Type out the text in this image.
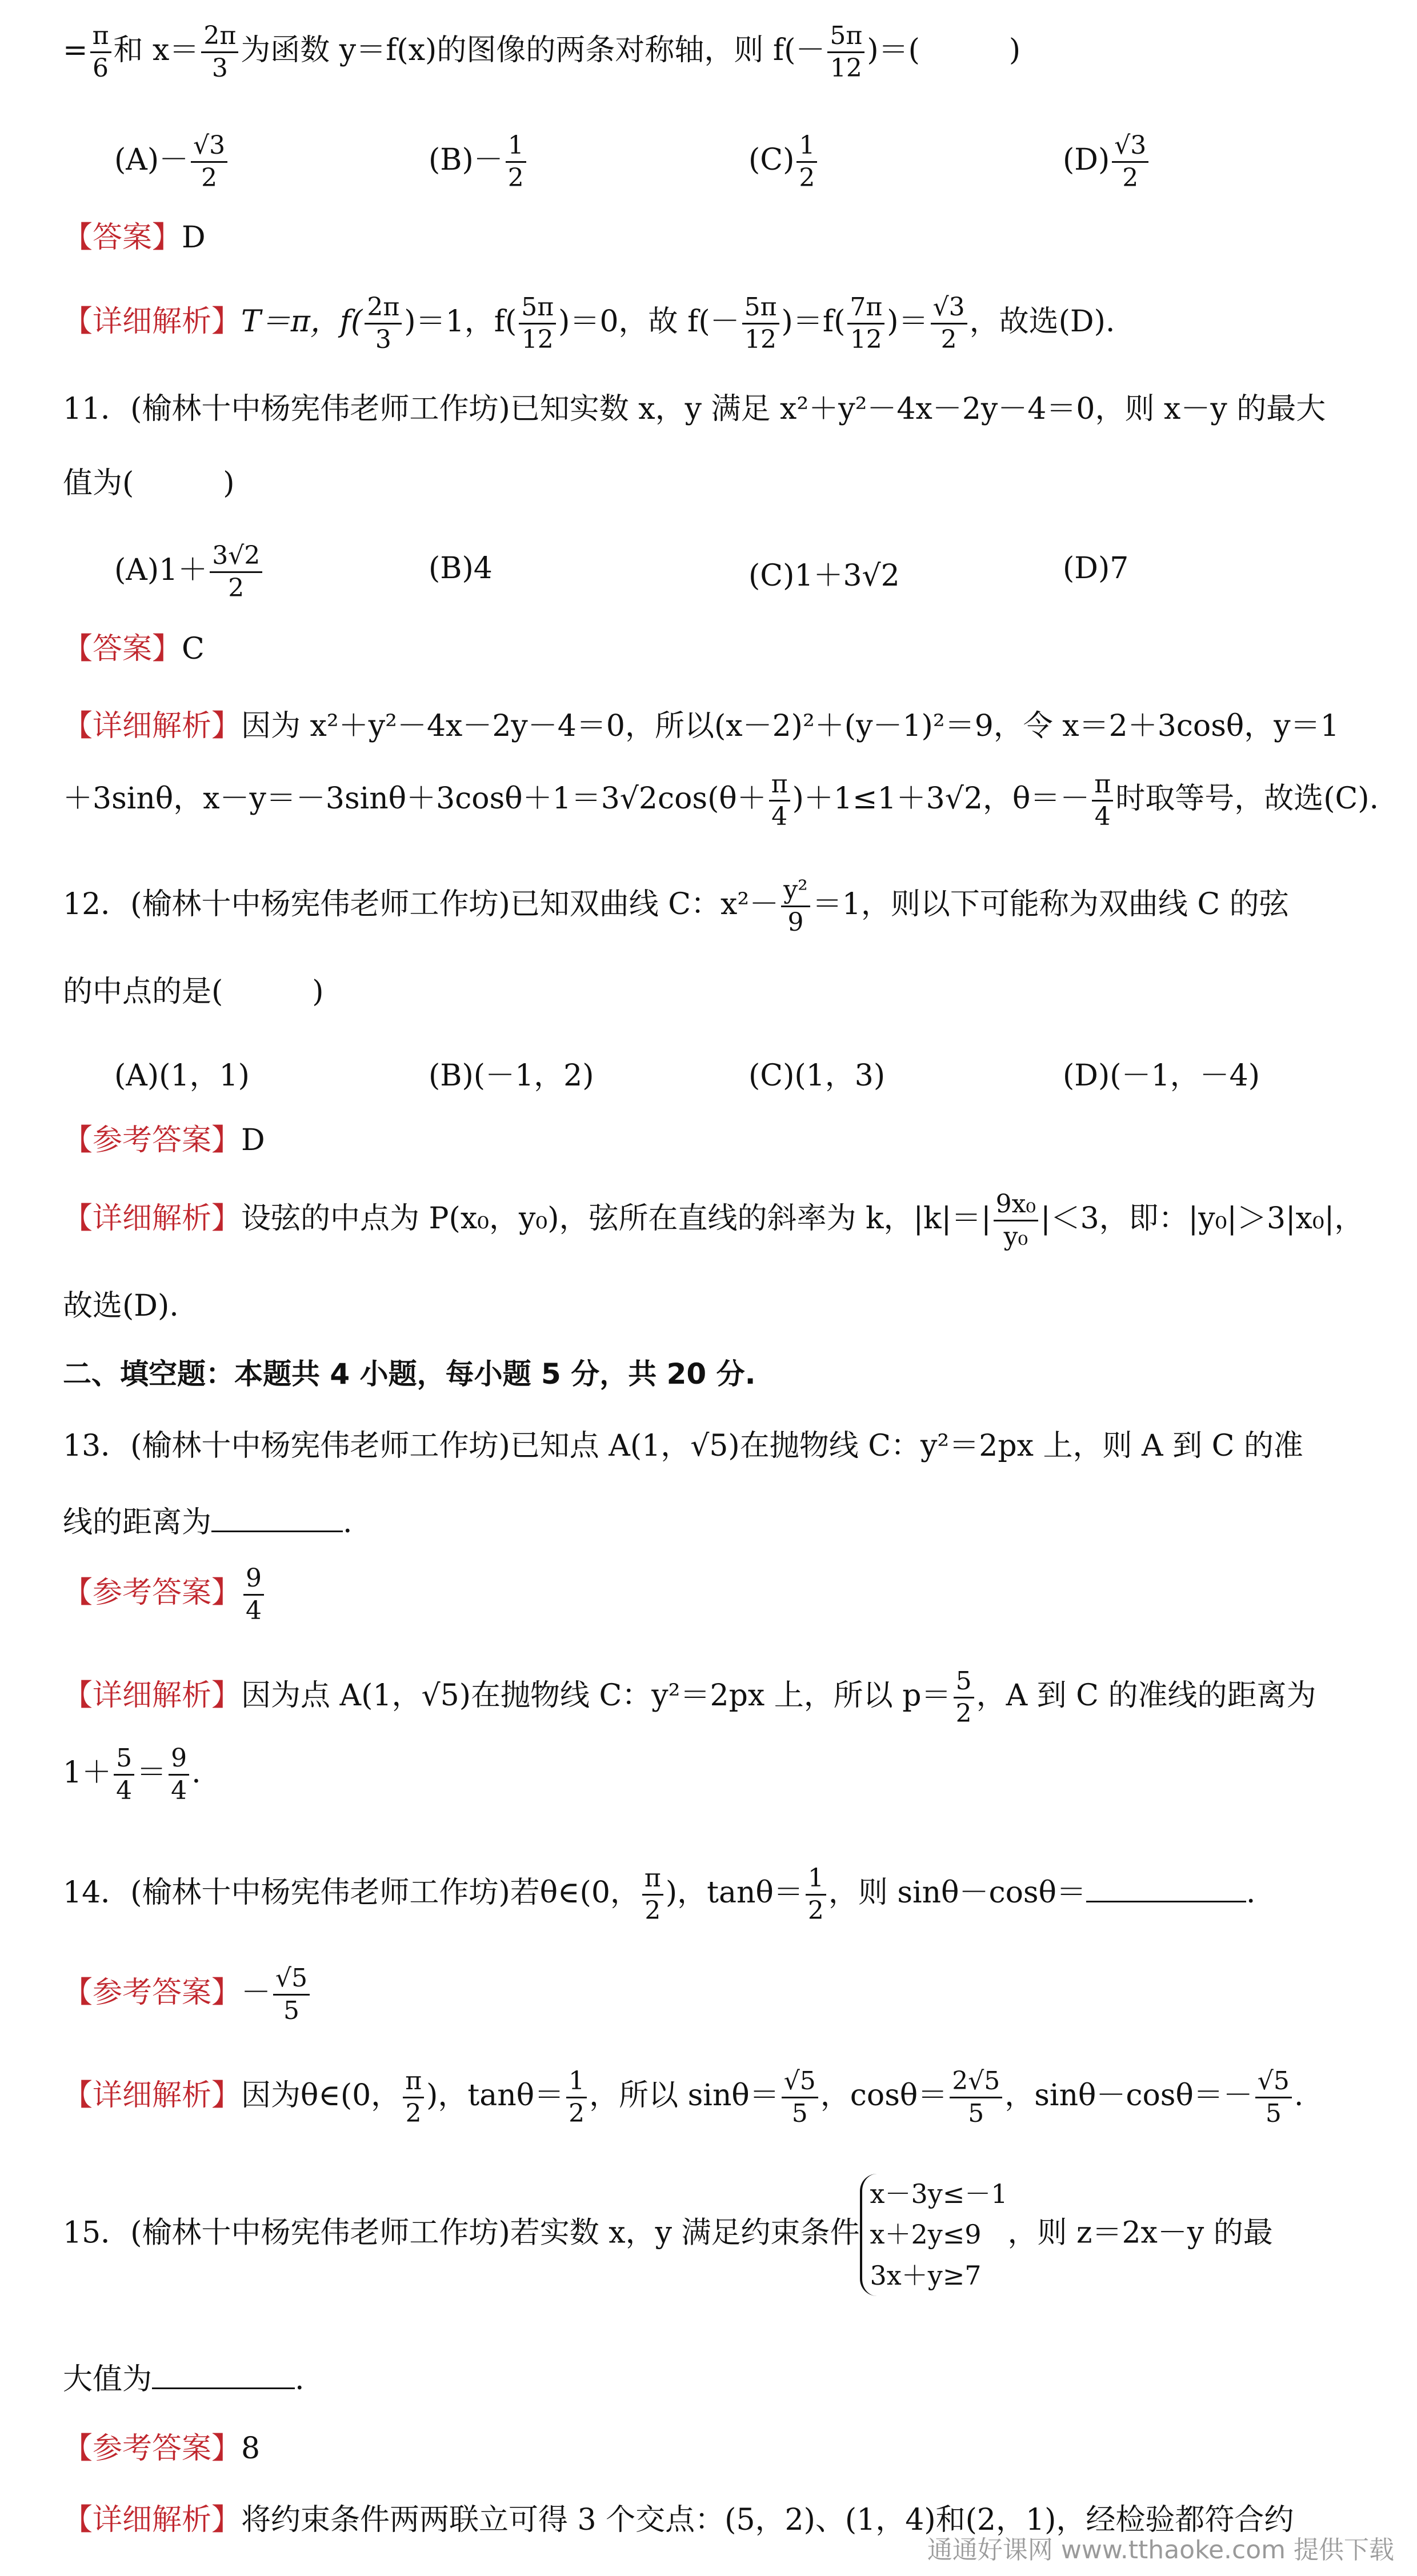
= $\frac{\pi}{6}$ 和 $x= \frac{2\pi}{3}$ 为函数 y＝f(x)的图像的两条对称轴，则 $f(- \frac{5\pi}{12}$ )＝(　　　)
$(A)- \frac{√3}{2}$	$(B)- \frac{1}{2}$	$(C) \frac{1}{2}$	$(D) \frac{√3}{2}$
【答案】D
【详细解析】T＝π，$f( \frac{2\pi}{3} )=1$，$f( \frac{5\pi}{12} )=0$，故 $f(- \frac{5\pi}{12} )=f( \frac{7\pi}{12}$ )＝ $\frac{√3}{2}$ ，故选(D).
11．(榆林十中杨宪伟老师工作坊)已知实数 x，y 满足 x²＋y²－4x－2y－4＝0，则 x－y 的最大
值为(　　　)
$(A)1+ \frac{3√2}{2}$	(B)4	(C)1＋3√2	(D)7
【答案】C
【详细解析】因为 x²＋y²－4x－2y－4＝0，所以(x－2)²＋(y－1)²＝9，令 x＝2＋3cosθ，y＝1
＋3sinθ，$x-y=-3\sin\theta+3\cos\theta+1=3√2\cos(\theta+ \frac{\pi}{4} )+1\le 1+3√2$，$\theta=- \frac{\pi}{4}$ 时取等号，故选(C).
12．(榆林十中杨宪伟老师工作坊)已知双曲线 C：$x^2- \frac{\text{y²}}{9} =1$，则以下可能称为双曲线 C 的弦
的中点的是(　　　)
(A)(1，1)	(B)(－1，2)	(C)(1，3)	(D)(－1，－4)
【参考答案】D
【详细解析】设弦的中点为 P(x₀，y₀)，弦所在直线的斜率为 k，$|k|=| \frac{\text{9x₀}}{\text{y₀}} |<3$，即：|y₀|＞3|x₀|，
故选(D).
二、填空题：本题共 4 小题，每小题 5 分，共 20 分.
13．(榆林十中杨宪伟老师工作坊)已知点 A(1，√5)在抛物线 C：y²＝2px 上，则 A 到 C 的准
线的距离为	.
【参考答案】 $\frac{9}{4}$
【详细解析】因为点 A(1，√5)在抛物线 C：y²＝2px 上，所以 $p= \frac{5}{2}$ ，A 到 C 的准线的距离为
$1+ \frac{5}{4} = \frac{9}{4}$ .
14．(榆林十中杨宪伟老师工作坊)若θ∈(0， $\frac{\pi}{2}$ )，$\tan\theta= \frac{1}{2}$ ，则 sinθ－cosθ＝	.
【参考答案】－ $\frac{√5}{5}$
【详细解析】因为θ∈(0， $\frac{\pi}{2}$ )，$\tan\theta= \frac{1}{2}$ ，所以 $\sin\theta= \frac{√5}{5}$ ，$\cos\theta= \frac{2√5}{5}$ ，$\sin\theta-\cos\theta=- \frac{√5}{5}$ .
15．(榆林十中杨宪伟老师工作坊)若实数 x，y 满足约束条件
x－3y≤－1
x＋2y≤9
3x＋y≥7
，则 z＝2x－y 的最
大值为	.
【参考答案】8
【详细解析】将约束条件两两联立可得 3 个交点：(5，2)、(1，4)和(2，1)，经检验都符合约
通通好课网 www.tthaoke.com 提供下载
